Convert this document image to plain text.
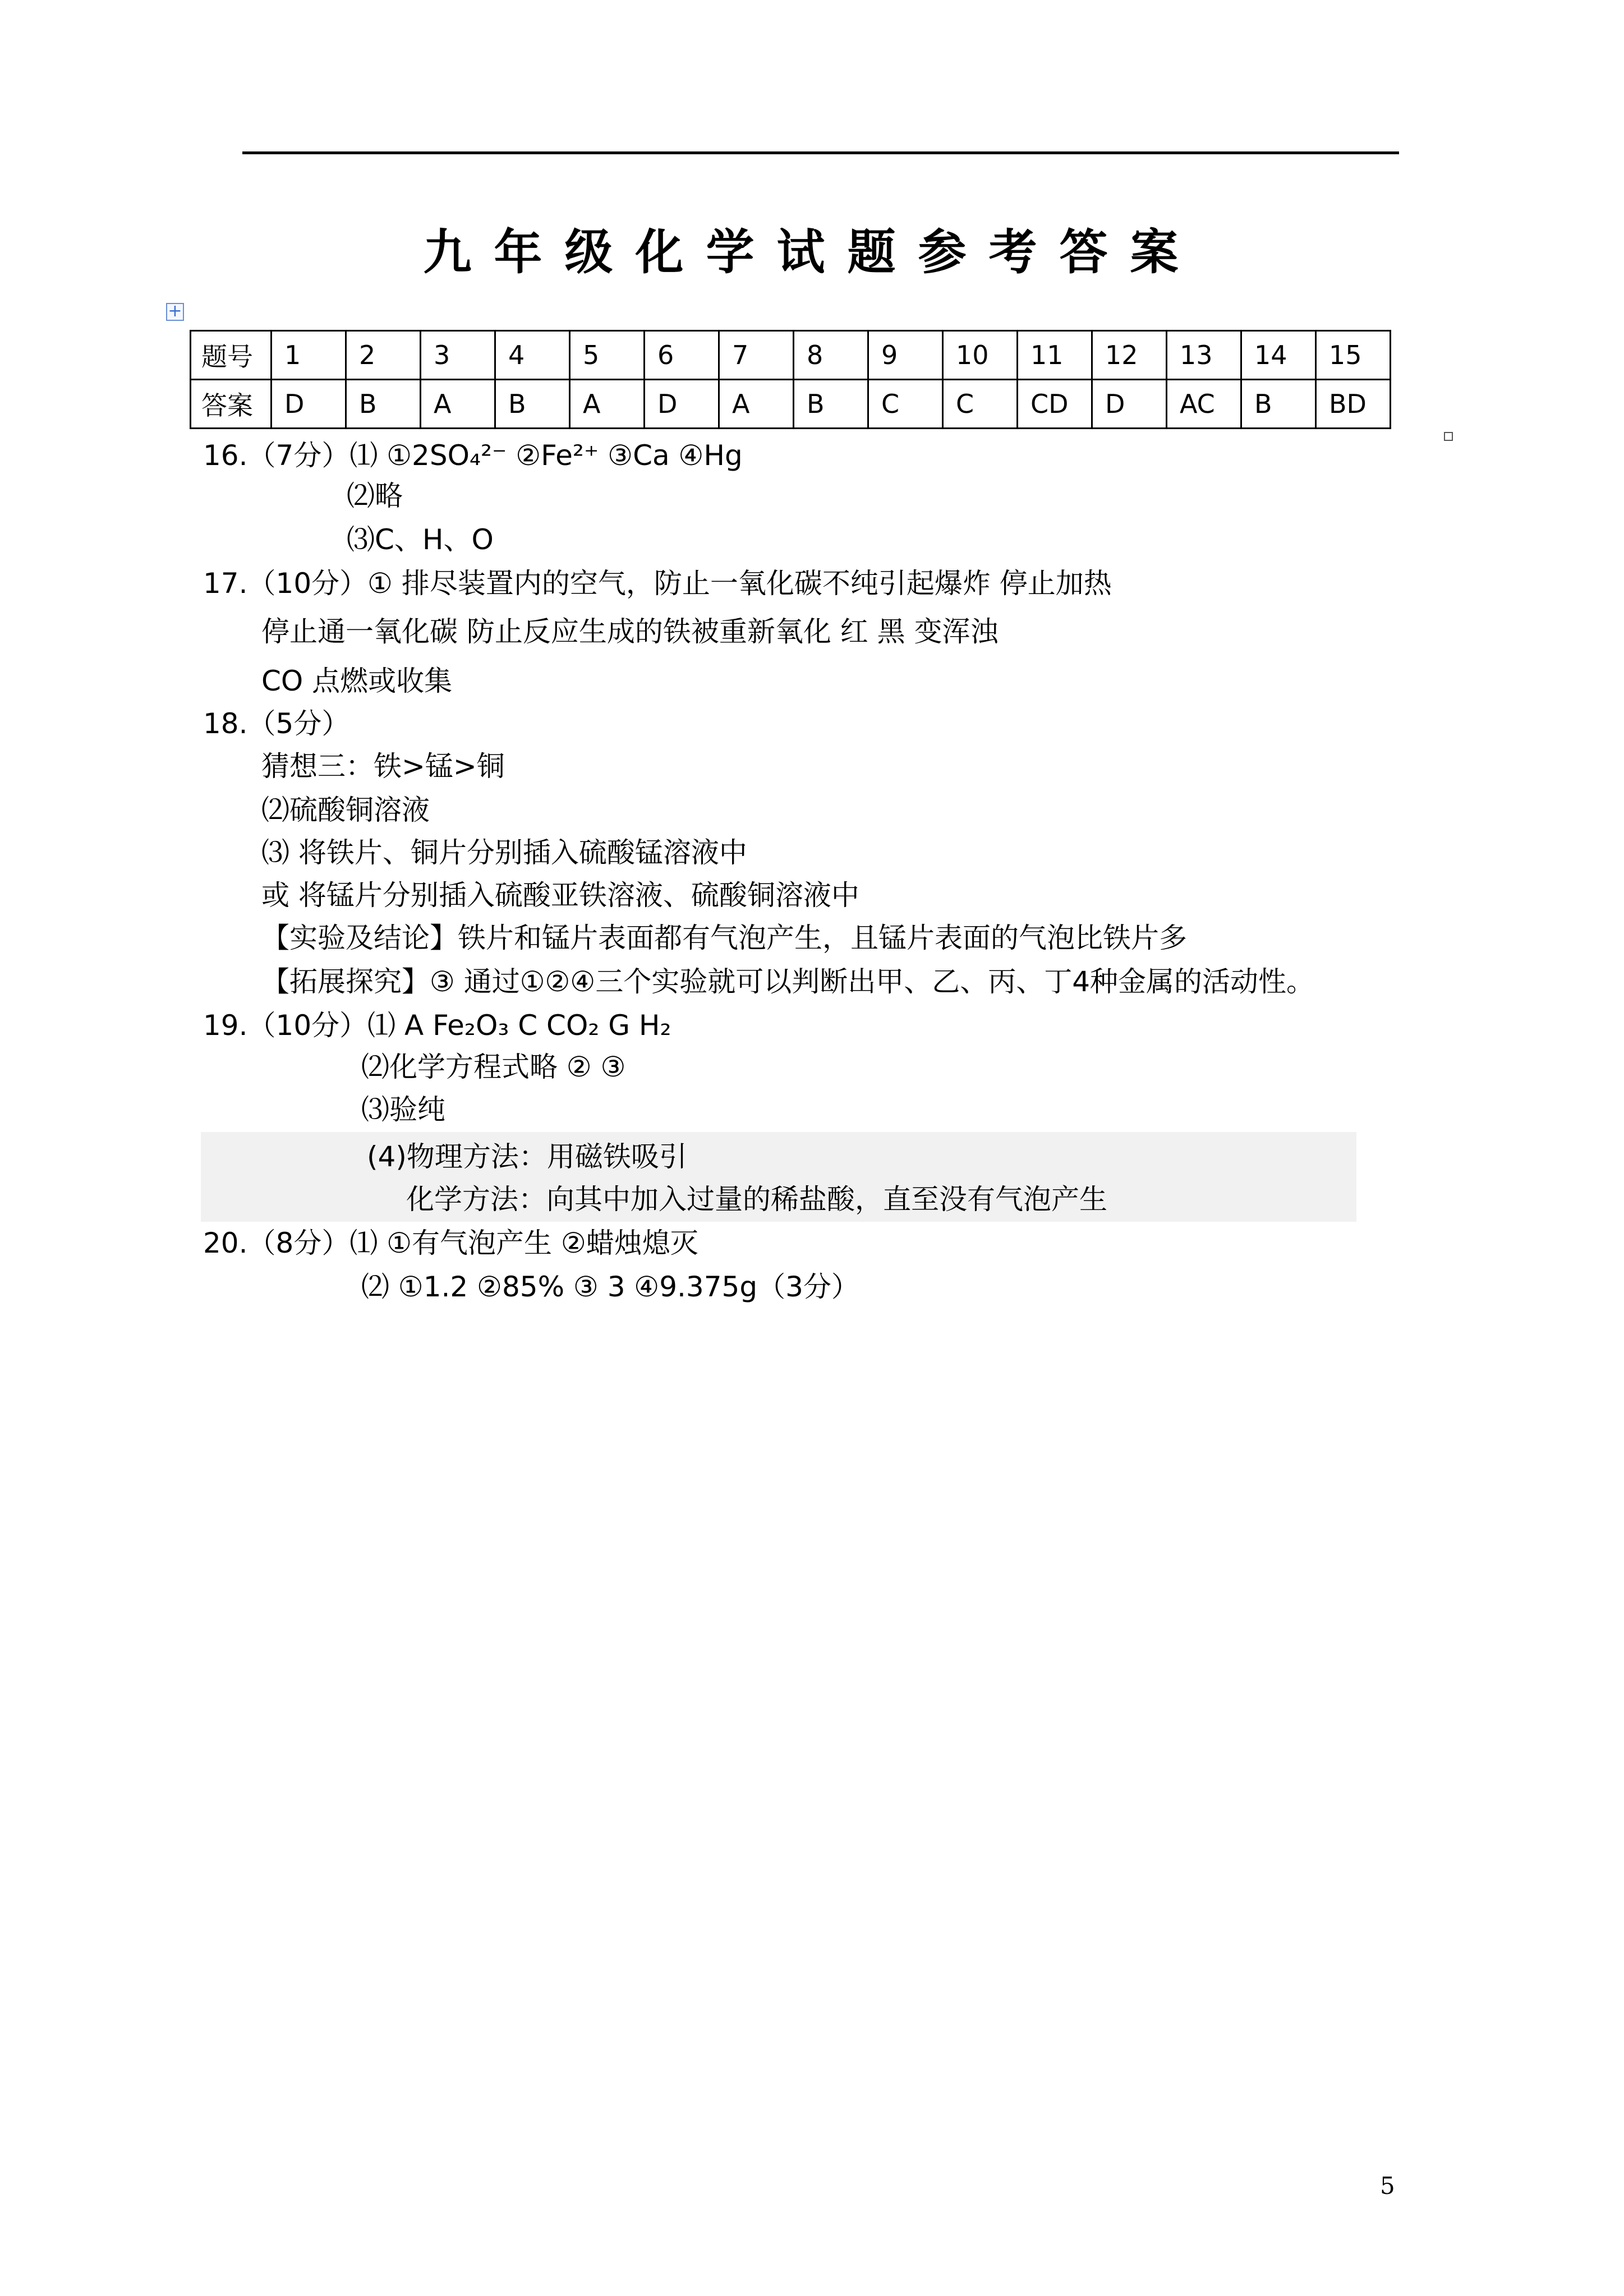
九年级化学试题参考答案
+
题号	1	2	3	4	5	6	7	8	9	10	11	12	13	14	15
答案	D	B	A	B	A	D	A	B	C	C	CD	D	AC	B	BD
16.（7分）⑴ ①2SO₄²⁻ ②Fe²⁺ ③Ca ④Hg
⑵略
⑶C、H、O
17.（10分）① 排尽装置内的空气，防止一氧化碳不纯引起爆炸 停止加热
停止通一氧化碳 防止反应生成的铁被重新氧化 红 黑 变浑浊
CO 点燃或收集
18.（5分）
猜想三：铁>锰>铜
⑵硫酸铜溶液
⑶ 将铁片、铜片分别插入硫酸锰溶液中
或 将锰片分别插入硫酸亚铁溶液、硫酸铜溶液中
【实验及结论】铁片和锰片表面都有气泡产生，且锰片表面的气泡比铁片多
【拓展探究】③ 通过①②④三个实验就可以判断出甲、乙、丙、丁4种金属的活动性。
19.（10分）⑴ A Fe₂O₃ C CO₂ G H₂
⑵化学方程式略 ② ③
⑶验纯
(4)物理方法：用磁铁吸引
化学方法：向其中加入过量的稀盐酸，直至没有气泡产生
20.（8分）⑴ ①有气泡产生 ②蜡烛熄灭
⑵ ①1.2 ②85% ③ 3 ④9.375g（3分）
5
